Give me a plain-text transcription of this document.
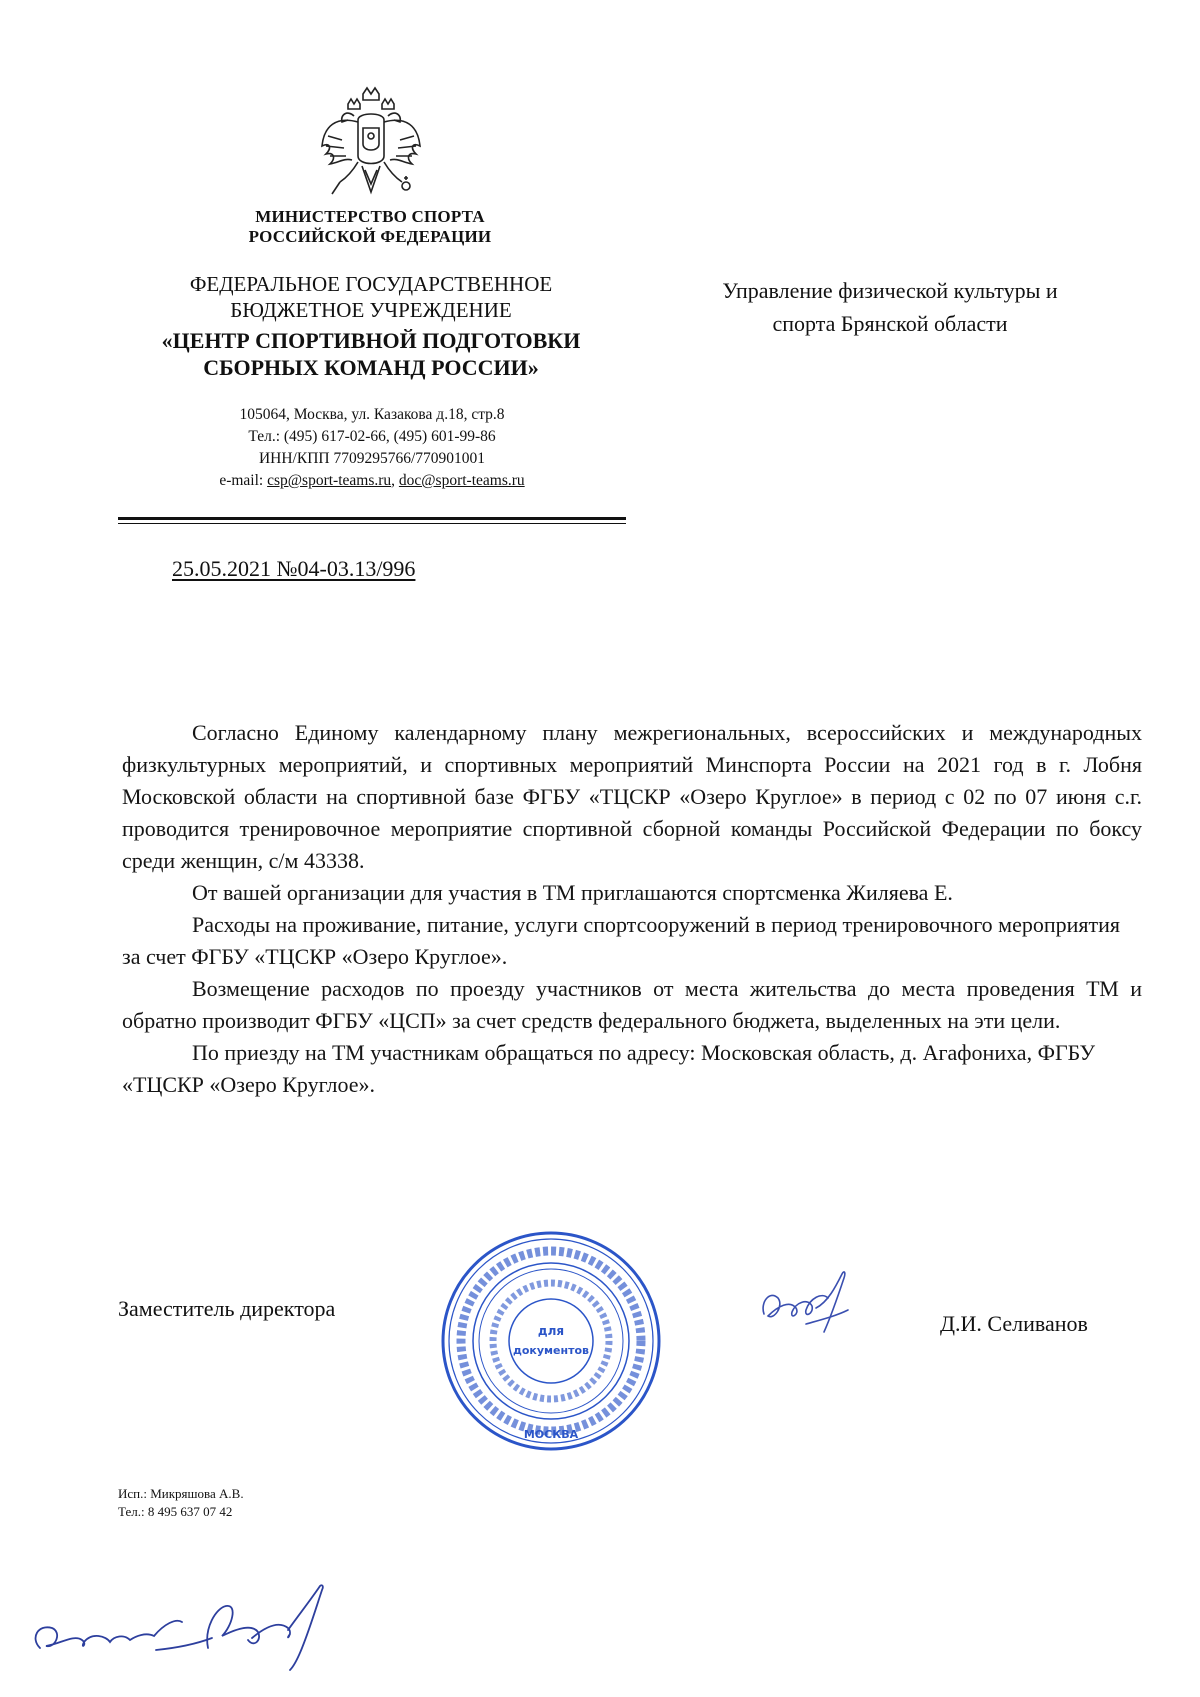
МИНИСТЕРСТВО СПОРТА
РОССИЙСКОЙ ФЕДЕРАЦИИ
ФЕДЕРАЛЬНОЕ ГОСУДАРСТВЕННОЕ
БЮДЖЕТНОЕ УЧРЕЖДЕНИЕ
«ЦЕНТР СПОРТИВНОЙ ПОДГОТОВКИ
СБОРНЫХ КОМАНД РОССИИ»
105064, Москва, ул. Казакова д.18, стр.8
Тел.: (495) 617-02-66, (495) 601-99-86
ИНН/КПП 7709295766/770901001
e-mail: csp@sport-teams.ru, doc@sport-teams.ru
25.05.2021 №04-03.13/996
Управление физической культуры и
спорта Брянской области

Согласно Единому календарному плану межрегиональных, всероссийских и международных физкультурных мероприятий, и спортивных мероприятий Минспорта России на 2021 год в г. Лобня Московской области на спортивной базе ФГБУ «ТЦСКР «Озеро Круглое» в период с 02 по 07 июня с.г. проводится тренировочное мероприятие спортивной сборной команды Российской Федерации по боксу среди женщин, с/м 43338.

От вашей организации для участия в ТМ приглашаются спортсменка Жиляева Е.

Расходы на проживание, питание, услуги спортсооружений в период тренировочного мероприятия за счет ФГБУ «ТЦСКР «Озеро Круглое».

Возмещение расходов по проезду участников от места жительства до места проведения ТМ и обратно производит ФГБУ «ЦСП» за счет средств федерального бюджета, выделенных на эти цели.

По приезду на ТМ участникам обращаться по адресу: Московская область, д. Агафониха, ФГБУ «ТЦСКР «Озеро Круглое».

Заместитель директора
Д.И. Селиванов
для
документов
МОСКВА
Исп.: Микряшова А.В.
Тел.: 8 495 637 07 42
